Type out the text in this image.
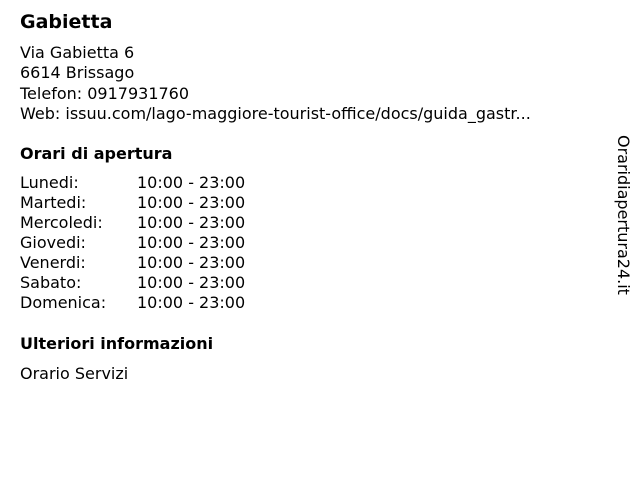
Gabietta
Via Gabietta 6
6614 Brissago
Telefon: 0917931760
Web: issuu.com/lago-maggiore-tourist-office/docs/guida_gastr...
Orari di apertura
Lunedi:	10:00 - 23:00
Martedi:	10:00 - 23:00
Mercoledi:	10:00 - 23:00
Giovedi:	10:00 - 23:00
Venerdi:	10:00 - 23:00
Sabato:	10:00 - 23:00
Domenica:	10:00 - 23:00
Ulteriori informazioni
Orario Servizi
Oraridiapertura24.it
